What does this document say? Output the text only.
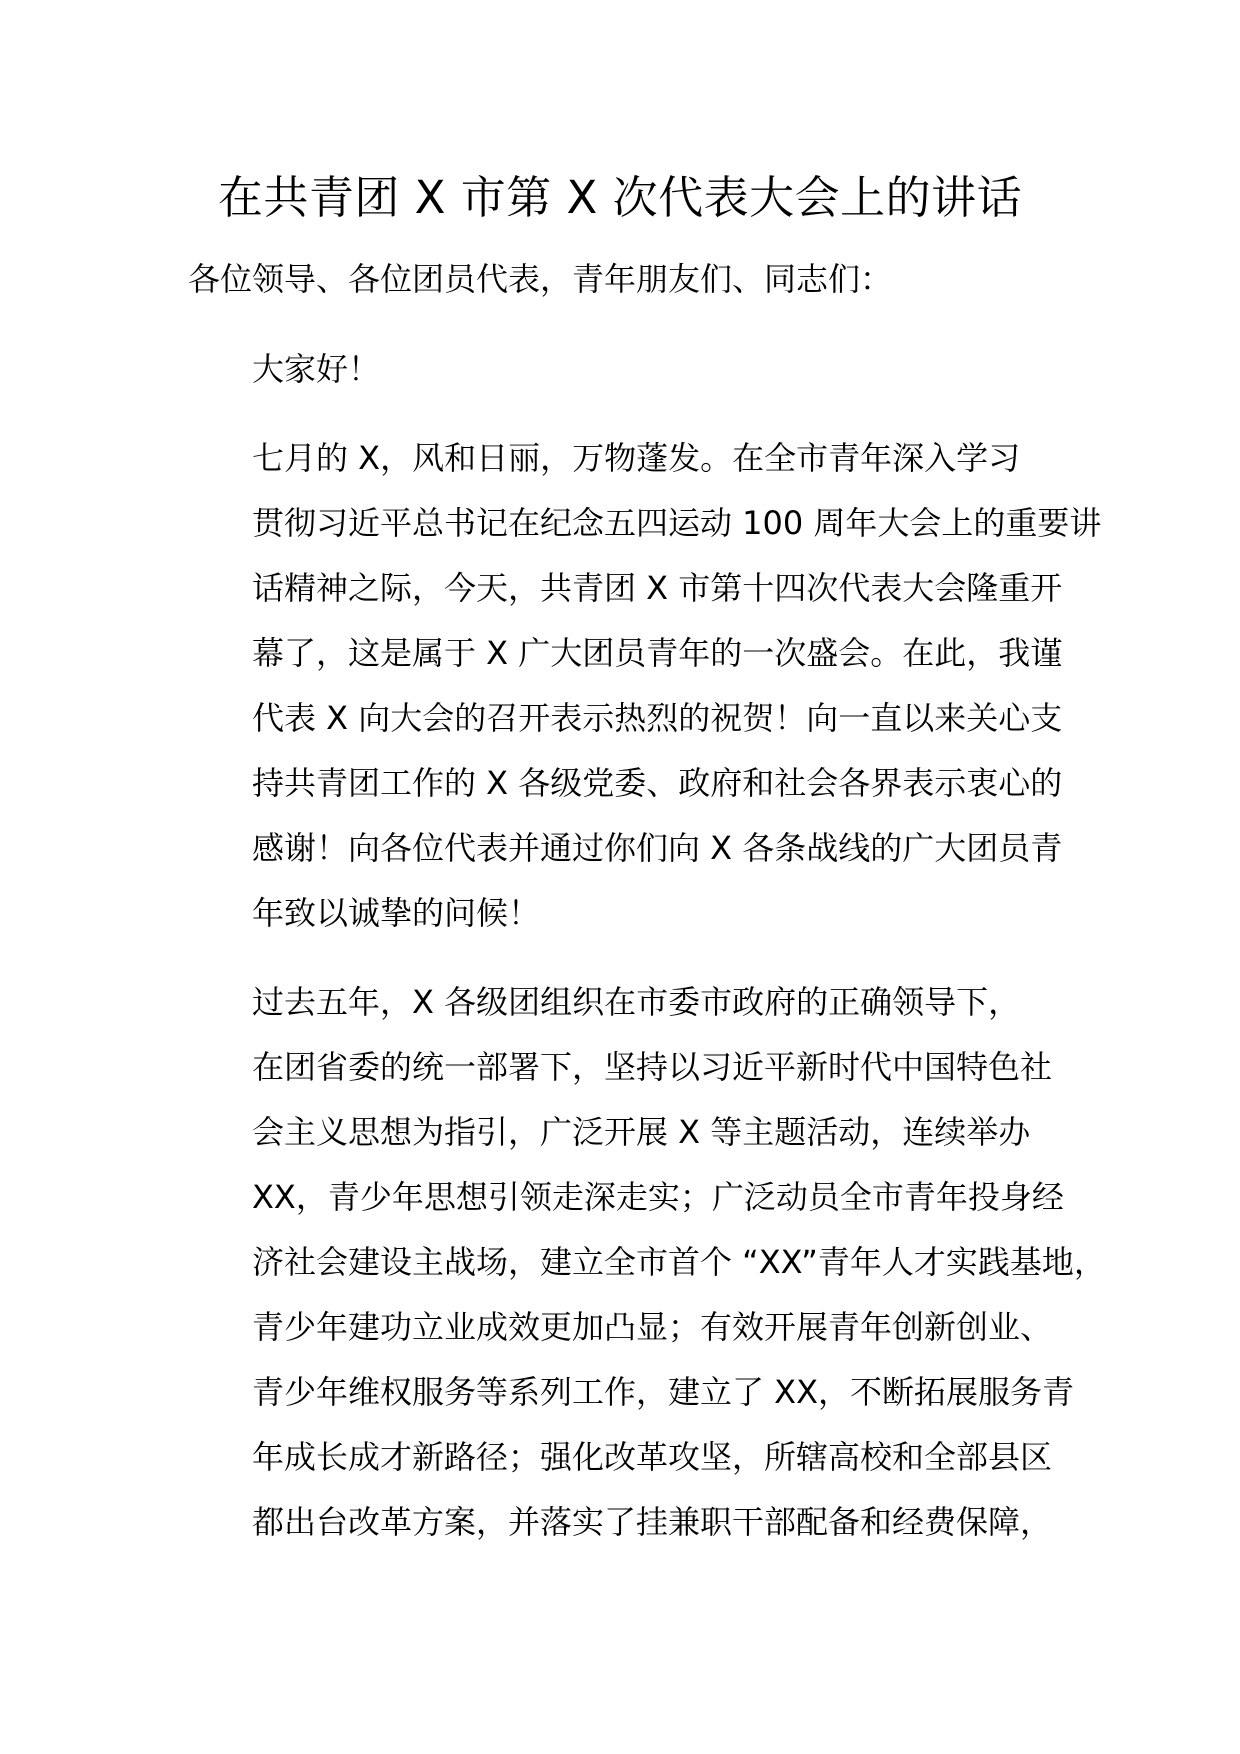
在共青团 X 市第 X 次代表大会上的讲话

各位领导、各位团员代表，青年朋友们、同志们：

大家好！

七月的 X，风和日丽，万物蓬发。在全市青年深入学习
贯彻习近平总书记在纪念五四运动 100 周年大会上的重要讲
话精神之际，今天，共青团 X 市第十四次代表大会隆重开
幕了，这是属于 X 广大团员青年的一次盛会。在此，我谨
代表 X 向大会的召开表示热烈的祝贺！向一直以来关心支
持共青团工作的 X 各级党委、政府和社会各界表示衷心的
感谢！向各位代表并通过你们向 X 各条战线的广大团员青
年致以诚挚的问候！

过去五年，X 各级团组织在市委市政府的正确领导下，
在团省委的统一部署下，坚持以习近平新时代中国特色社
会主义思想为指引，广泛开展 X 等主题活动，连续举办
XX，青少年思想引领走深走实；广泛动员全市青年投身经
济社会建设主战场，建立全市首个 “XX”青年人才实践基地，
青少年建功立业成效更加凸显；有效开展青年创新创业、
青少年维权服务等系列工作，建立了 XX，不断拓展服务青
年成长成才新路径；强化改革攻坚，所辖高校和全部县区
都出台改革方案，并落实了挂兼职干部配备和经费保障，
